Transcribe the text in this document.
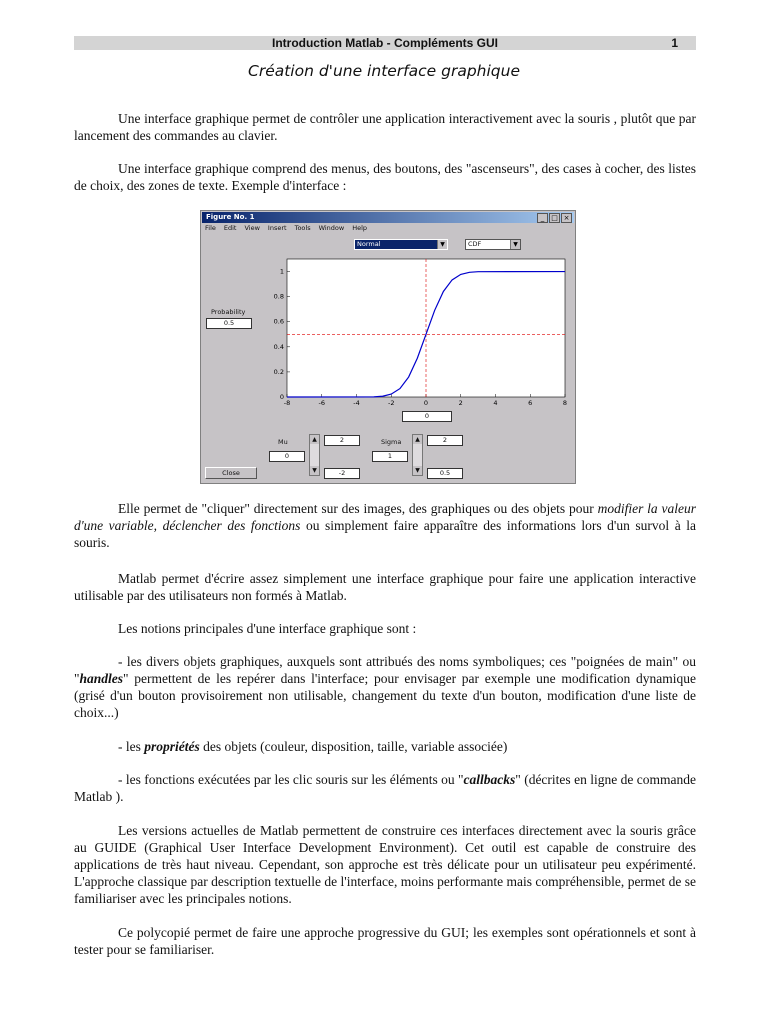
Introduction Matlab - Compléments GUI	1
Création d'une interface graphique

Une interface graphique permet de contrôler une application interactivement avec la souris , plutôt que par lancement des commandes au clavier.

Une interface graphique comprend des menus, des boutons, des "ascenseurs", des cases à cocher, des listes de choix, des zones de texte. Exemple d'interface :

Figure No. 1	_ □ ×
File Edit View Insert Tools Window Help
Normal	▼	CDF	▼
0
0.2
0.4
0.6
0.8
1
-8	-6	-4	-2	0	2	4	6	8
Probability
0.5
0
Mu
0
▲
▼
2
-2
Sigma
1
▲
▼
2
0.5
Close

Elle permet de "cliquer" directement sur des images, des graphiques ou des objets pour modifier la valeur d'une variable, déclencher des fonctions ou simplement faire apparaître des informations lors d'un survol à la souris.

Matlab permet d'écrire assez simplement une interface graphique pour faire une application interactive utilisable par des utilisateurs non formés à Matlab.

Les notions principales d'une interface graphique sont :

- les divers objets graphiques, auxquels sont attribués des noms symboliques; ces "poignées de main" ou "handles" permettent de les repérer dans l'interface; pour envisager par exemple une modification dynamique (grisé d'un bouton provisoirement non utilisable, changement du texte d'un bouton, modification d'une liste de choix...)

- les propriétés des objets (couleur, disposition, taille, variable associée)

- les fonctions exécutées par les clic souris sur les éléments ou "callbacks" (décrites en ligne de commande Matlab ).

Les versions actuelles de Matlab permettent de construire ces interfaces directement avec la souris grâce au GUIDE (Graphical User Interface Development Environment). Cet outil est capable de construire des applications de très haut niveau. Cependant, son approche est très délicate pour un utilisateur peu expérimenté. L'approche classique par description textuelle de l'interface, moins performante mais compréhensible, permet de se familiariser avec les principales notions.

Ce polycopié permet de faire une approche progressive du GUI; les exemples sont opérationnels et sont à tester pour se familiariser.
